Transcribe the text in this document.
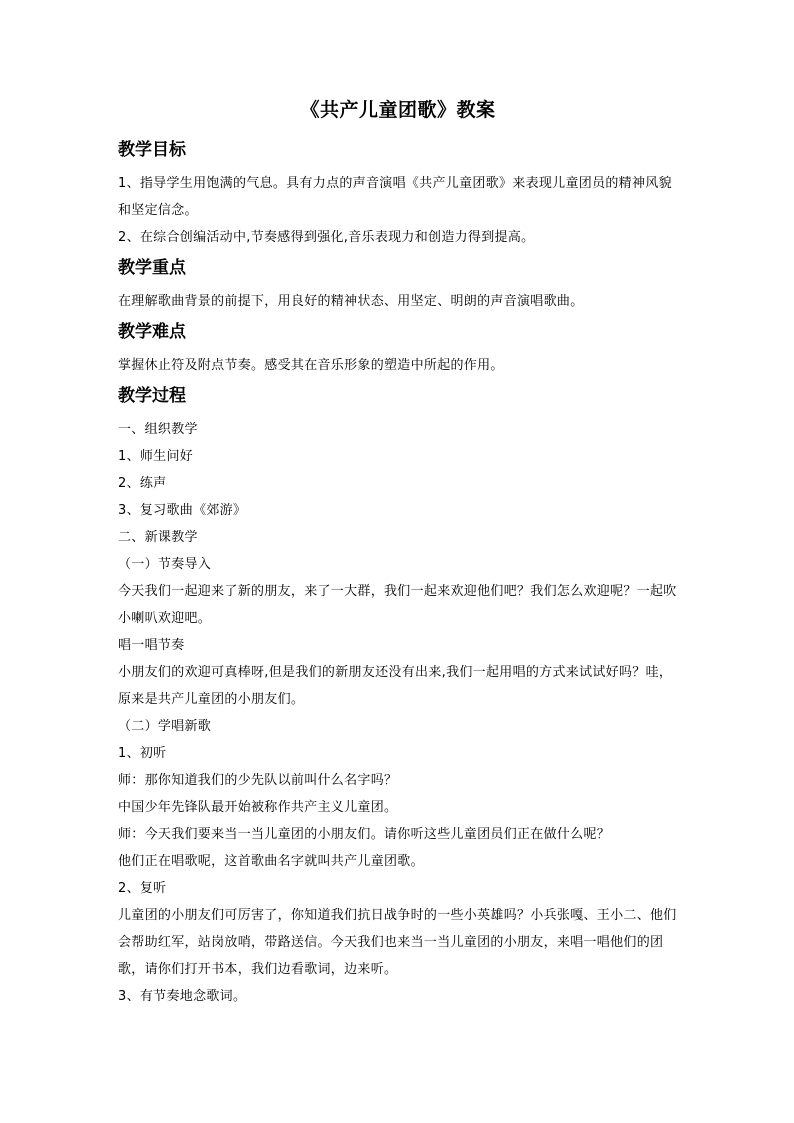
《共产儿童团歌》教案
教学目标

1、指导学生用饱满的气息。具有力点的声音演唱《共产儿童团歌》来表现儿童团员的精神风貌和坚定信念。

2、在综合创编活动中,节奏感得到强化,音乐表现力和创造力得到提高。

教学重点

在理解歌曲背景的前提下，用良好的精神状态、用坚定、明朗的声音演唱歌曲。

教学难点

掌握休止符及附点节奏。感受其在音乐形象的塑造中所起的作用。

教学过程

一、组织教学

1、师生问好

2、练声

3、复习歌曲《郊游》

二、新课教学

（一）节奏导入

今天我们一起迎来了新的朋友，来了一大群，我们一起来欢迎他们吧？我们怎么欢迎呢？一起吹小喇叭欢迎吧。

唱一唱节奏

小朋友们的欢迎可真棒呀,但是我们的新朋友还没有出来,我们一起用唱的方式来试试好吗？哇，原来是共产儿童团的小朋友们。

（二）学唱新歌

1、初听

师：那你知道我们的少先队以前叫什么名字吗？

中国少年先锋队最开始被称作共产主义儿童团。

师：今天我们要来当一当儿童团的小朋友们。请你听这些儿童团员们正在做什么呢？

他们正在唱歌呢，这首歌曲名字就叫共产儿童团歌。

2、复听

儿童团的小朋友们可厉害了，你知道我们抗日战争时的一些小英雄吗？小兵张嘎、王小二、他们会帮助红军，站岗放哨，带路送信。今天我们也来当一当儿童团的小朋友，来唱一唱他们的团歌，请你们打开书本，我们边看歌词，边来听。

3、有节奏地念歌词。
